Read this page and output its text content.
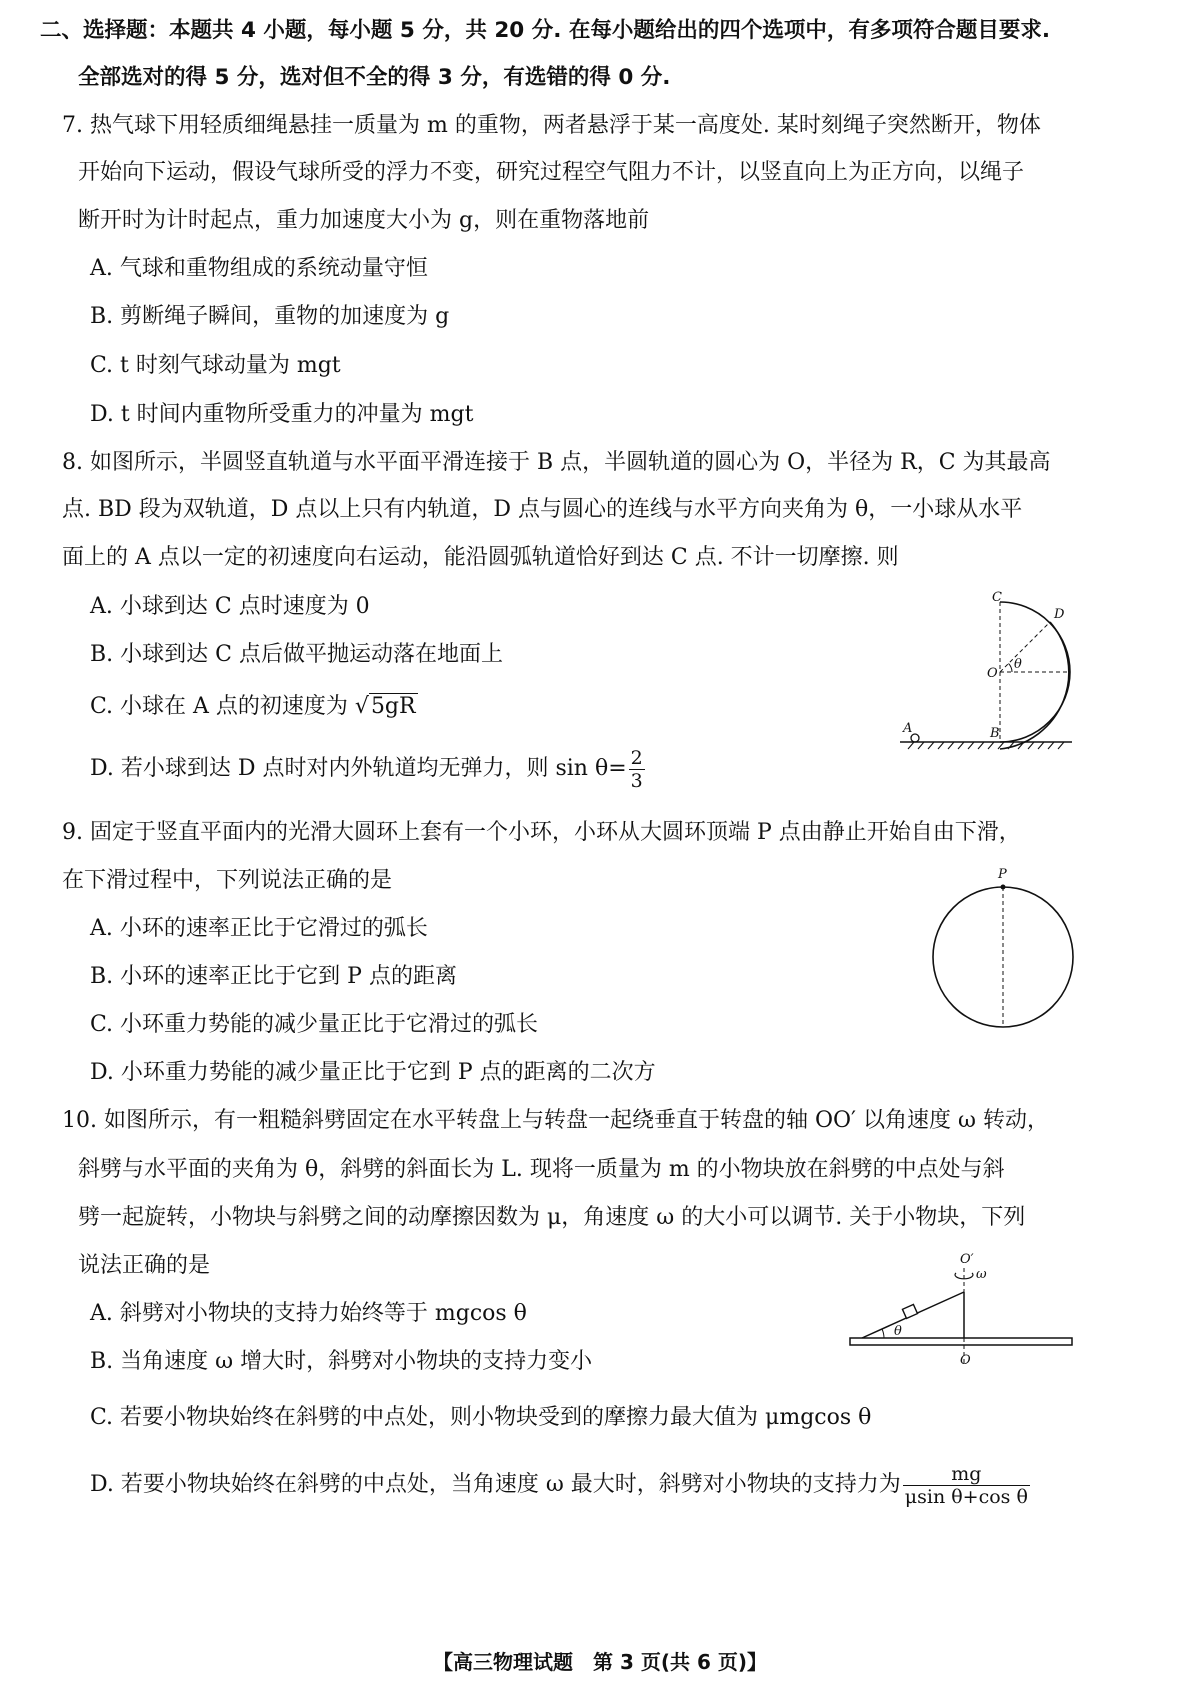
二、选择题：本题共 4 小题，每小题 5 分，共 20 分. 在每小题给出的四个选项中，有多项符合题目要求.
全部选对的得 5 分，选对但不全的得 3 分，有选错的得 0 分.
7. 热气球下用轻质细绳悬挂一质量为 m 的重物，两者悬浮于某一高度处. 某时刻绳子突然断开，物体
开始向下运动，假设气球所受的浮力不变，研究过程空气阻力不计，以竖直向上为正方向，以绳子
断开时为计时起点，重力加速度大小为 g，则在重物落地前
A. 气球和重物组成的系统动量守恒
B. 剪断绳子瞬间，重物的加速度为 g
C. t 时刻气球动量为 mgt
D. t 时间内重物所受重力的冲量为 mgt
8. 如图所示，半圆竖直轨道与水平面平滑连接于 B 点，半圆轨道的圆心为 O，半径为 R，C 为其最高
点. BD 段为双轨道，D 点以上只有内轨道，D 点与圆心的连线与水平方向夹角为 θ，一小球从水平
面上的 A 点以一定的初速度向右运动，能沿圆弧轨道恰好到达 C 点. 不计一切摩擦. 则
A. 小球到达 C 点时速度为 0
B. 小球到达 C 点后做平抛运动落在地面上
C. 小球在 A 点的初速度为 √5gR
D. 若小球到达 D 点时对内外轨道均无弹力，则 $\sin \theta= \frac{2}{3}$
C
D
O
θ
A	B
9. 固定于竖直平面内的光滑大圆环上套有一个小环，小环从大圆环顶端 P 点由静止开始自由下滑，
在下滑过程中，下列说法正确的是
A. 小环的速率正比于它滑过的弧长
B. 小环的速率正比于它到 P 点的距离
C. 小环重力势能的减少量正比于它滑过的弧长
D. 小环重力势能的减少量正比于它到 P 点的距离的二次方
P
10. 如图所示，有一粗糙斜劈固定在水平转盘上与转盘一起绕垂直于转盘的轴 OO′ 以角速度 ω 转动，
斜劈与水平面的夹角为 θ，斜劈的斜面长为 L. 现将一质量为 m 的小物块放在斜劈的中点处与斜
劈一起旋转，小物块与斜劈之间的动摩擦因数为 μ，角速度 ω 的大小可以调节. 关于小物块，下列
说法正确的是
A. 斜劈对小物块的支持力始终等于 mgcos θ
B. 当角速度 ω 增大时，斜劈对小物块的支持力变小
C. 若要小物块始终在斜劈的中点处，则小物块受到的摩擦力最大值为 μmgcos θ
D. 若要小物块始终在斜劈的中点处，当角速度 ω 最大时，斜劈对小物块的支持力为 $\frac{mg}{\text{μsin θ+cos θ}}$
O′
ω
θ
O
【高三物理试题　第 3 页(共 6 页)】
